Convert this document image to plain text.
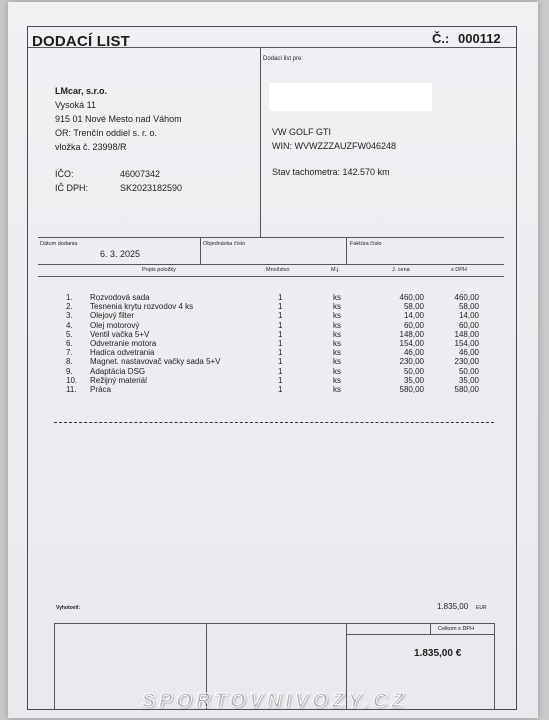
DODACÍ LIST	Č.: 000112
LMcar, s.r.o.
Vysoká 11
915 01 Nové Mesto nad Váhom
OR: Trenčín oddiel s. r. o.
vložka č. 23998/R
IČO:	46007342
IČ DPH:	SK2023182590
Dodací list pre:
VW GOLF GTI
WIN: WVWZZZAUZFW046248
Stav tachometra: 142.570 km
Dátum dodania
6. 3. 2025
Objednávka číslo	Faktúra číslo
Popis položky	Množstvo	M.j.	J. cena	s DPH
1.	Rozvodová sada	1	ks	460,00	460,00
2.	Tesnenia krytu rozvodov 4 ks	1	ks	58,00	58,00
3.	Olejový filter	1	ks	14,00	14,00
4.	Olej motorový	1	ks	60,00	60,00
5.	Ventil vačka 5+V	1	ks	148,00	148,00
6.	Odvetranie motora	1	ks	154,00	154,00
7.	Hadica odvetrania	1	ks	46,00	46,00
8.	Magnet. nastavovač vačky sada 5+V	1	ks	230,00	230,00
9.	Adaptácia DSG	1	ks	50,00	50,00
10.	Režijný materiál	1	ks	35,00	35,00
11.	Práca	1	ks	580,00	580,00
Vyhotovil:	1.835,00 EUR
Celkom s DPH
1.835,00 €
SPORTOVNIVOZY.CZ
